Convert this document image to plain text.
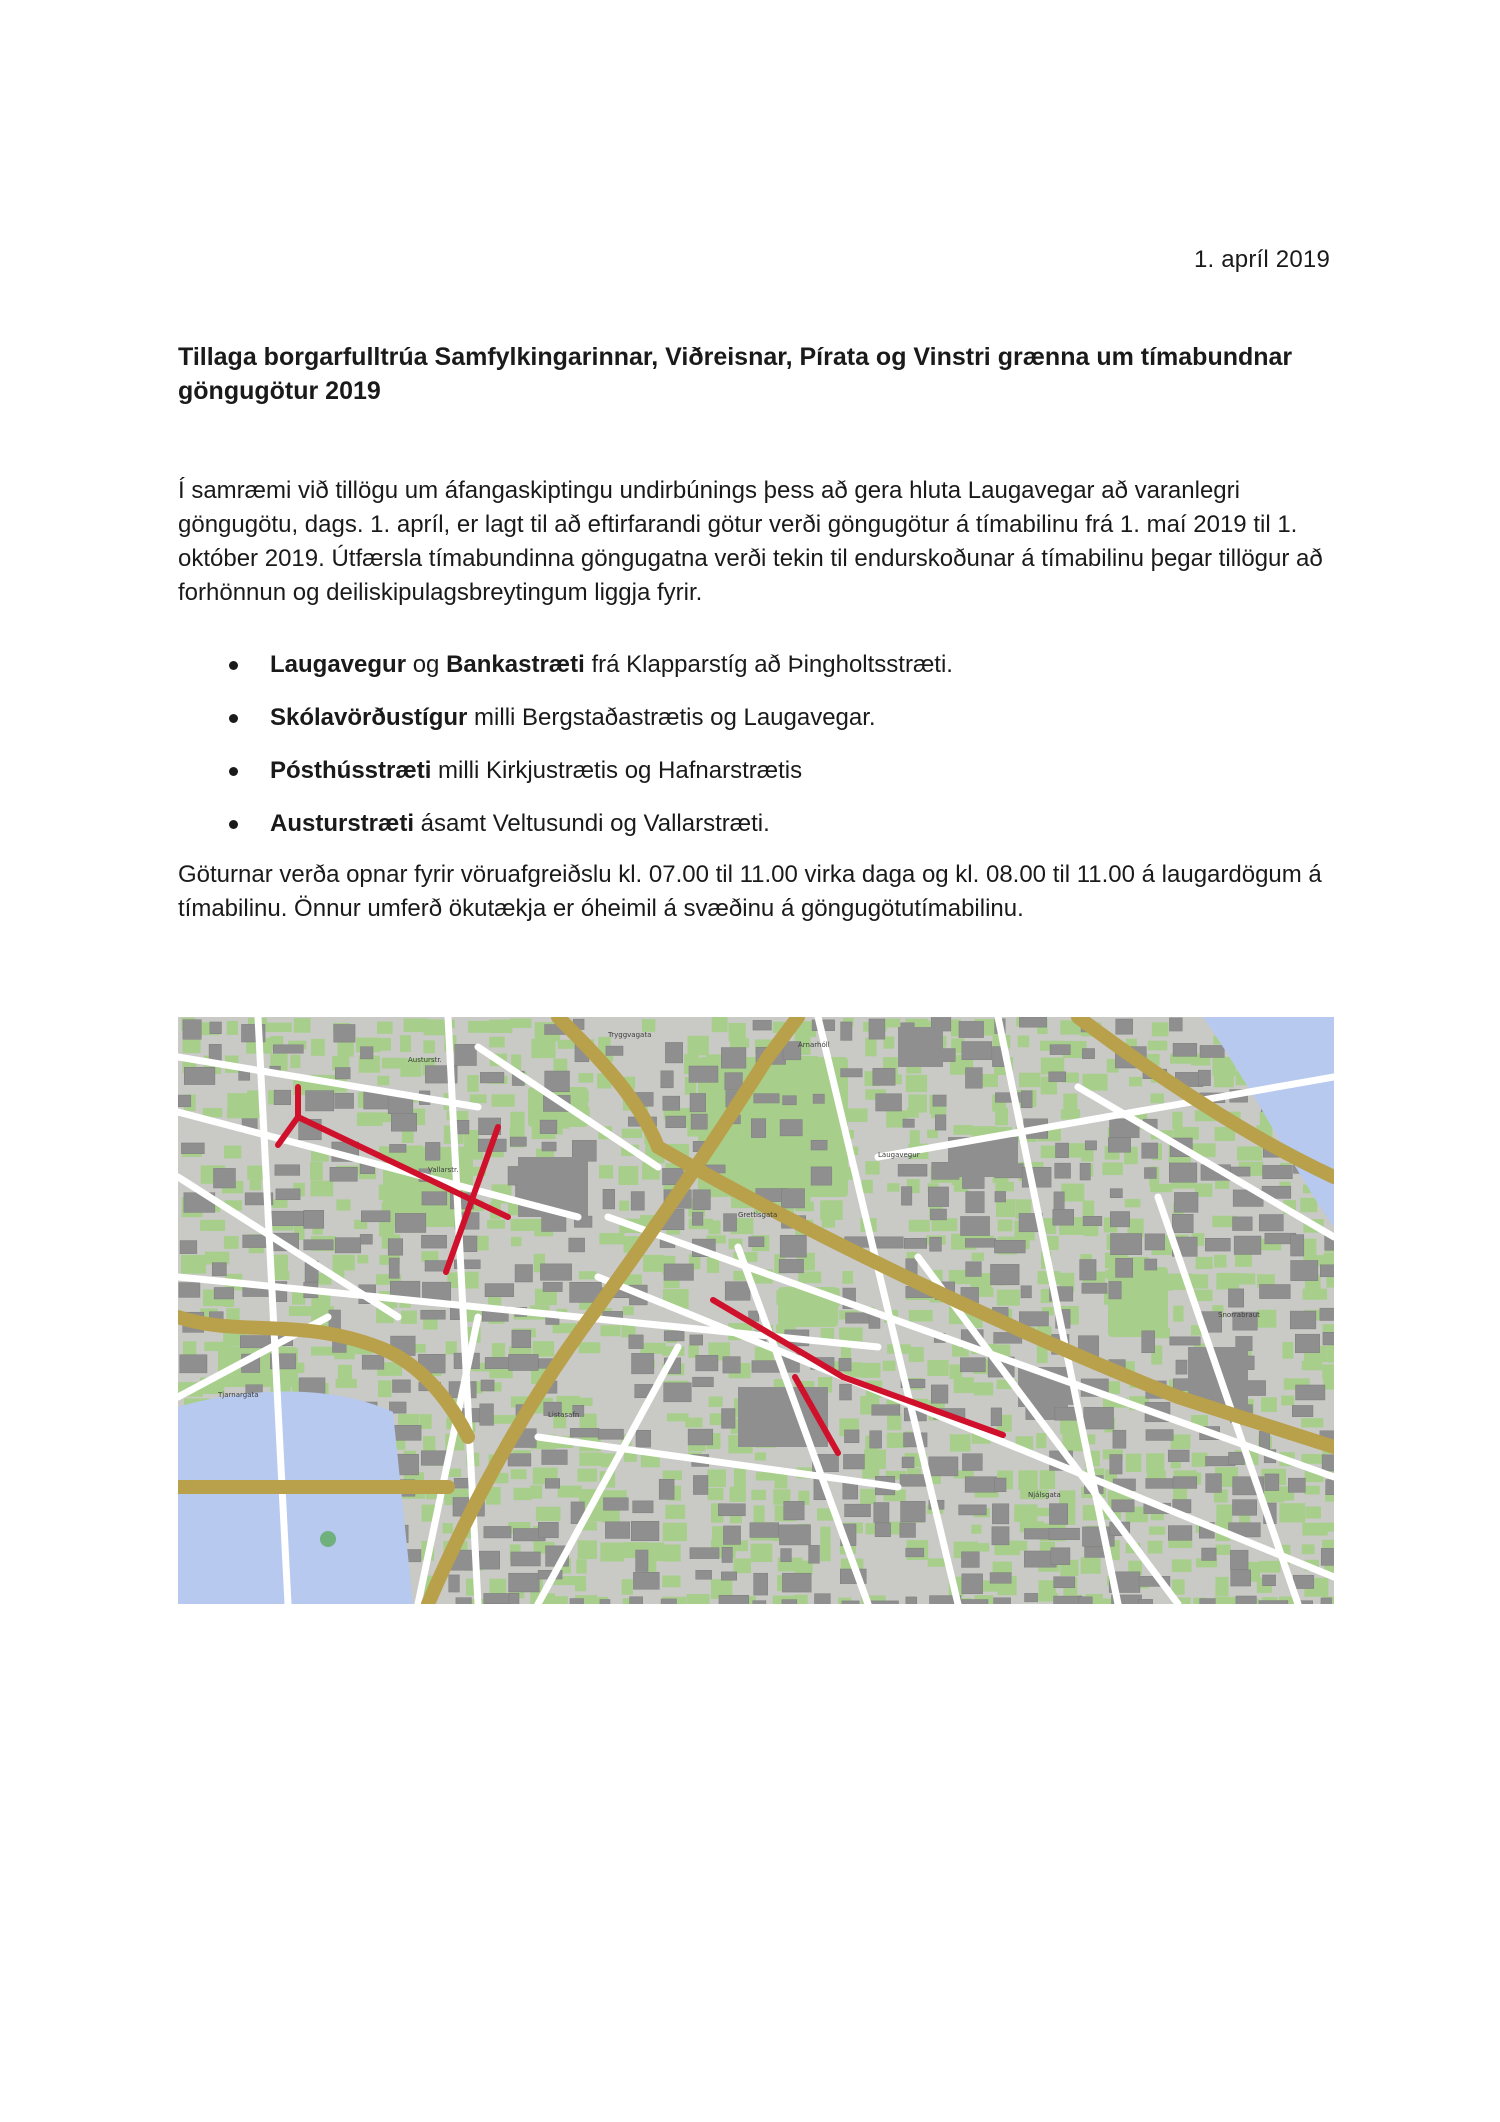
1. apríl 2019
Tillaga borgarfulltrúa Samfylkingarinnar, Viðreisnar, Pírata og Vinstri grænna um tímabundnar göngugötur 2019

Í samræmi við tillögu um áfangaskiptingu undirbúnings þess að gera hluta Laugavegar að varanlegri göngugötu, dags. 1. apríl, er lagt til að eftirfarandi götur verði göngugötur á tímabilinu frá 1. maí 2019 til 1. október 2019. Útfærsla tímabundinna göngugatna verði tekin til endurskoðunar á tímabilinu þegar tillögur að forhönnun og deiliskipulagsbreytingum liggja fyrir.

Laugavegur og Bankastræti frá Klapparstíg að Þingholtsstræti.
Skólavörðustígur milli Bergstaðastrætis og Laugavegar.
Pósthússtræti milli Kirkjustrætis og Hafnarstrætis
Austurstræti ásamt Veltusundi og Vallarstræti.

Göturnar verða opnar fyrir vöruafgreiðslu kl. 07.00 til 11.00 virka daga og kl. 08.00 til 11.00 á laugardögum á tímabilinu. Önnur umferð ökutækja er óheimil á svæðinu á göngugötutímabilinu.

Tryggvagata
Austurstr.
Vallarstr.
Grettisgata
Laugavegur
Snorrabraut
Tjarnargata
Listasafn
Njálsgata
Arnarhóll
